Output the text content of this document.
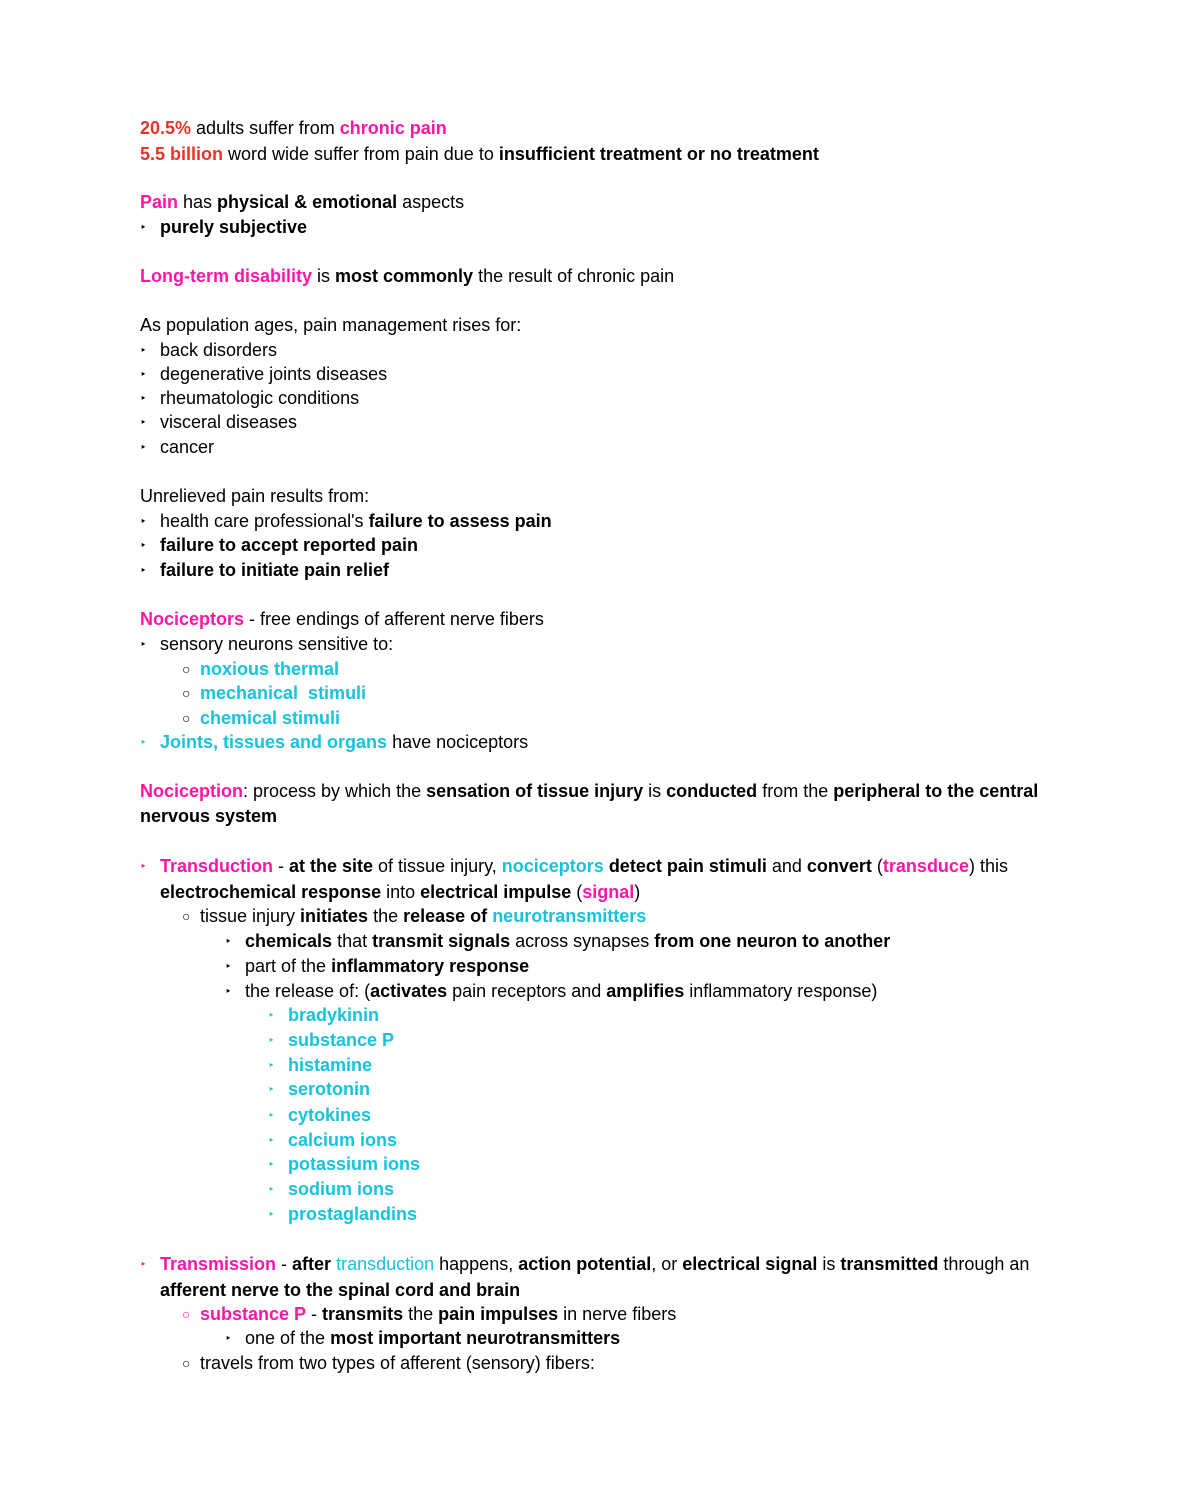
20.5% adults suffer from chronic pain
5.5 billion word wide suffer from pain due to insufficient treatment or no treatment
Pain has physical & emotional aspects
‣ purely subjective
Long-term disability is most commonly the result of chronic pain
As population ages, pain management rises for:
‣ back disorders
‣ degenerative joints diseases
‣ rheumatologic conditions
‣ visceral diseases
‣ cancer
Unrelieved pain results from:
‣ health care professional's failure to assess pain
‣ failure to accept reported pain
‣ failure to initiate pain relief
Nociceptors - free endings of afferent nerve fibers
‣ sensory neurons sensitive to:
○ noxious thermal
○ mechanical  stimuli
○ chemical stimuli
‣ Joints, tissues and organs have nociceptors
Nociception: process by which the sensation of tissue injury is conducted from the peripheral to the central nervous system
‣ Transduction - at the site of tissue injury, nociceptors detect pain stimuli and convert (transduce) this electrochemical response into electrical impulse (signal)
○ tissue injury initiates the release of neurotransmitters
‣ chemicals that transmit signals across synapses from one neuron to another
‣ part of the inflammatory response
‣ the release of: (activates pain receptors and amplifies inflammatory response)
‣ bradykinin
‣ substance P
‣ histamine
‣ serotonin
‣ cytokines
‣ calcium ions
‣ potassium ions
‣ sodium ions
‣ prostaglandins
‣ Transmission - after transduction happens, action potential, or electrical signal is transmitted through an afferent nerve to the spinal cord and brain
○ substance P - transmits the pain impulses in nerve fibers
‣ one of the most important neurotransmitters
○ travels from two types of afferent (sensory) fibers:
